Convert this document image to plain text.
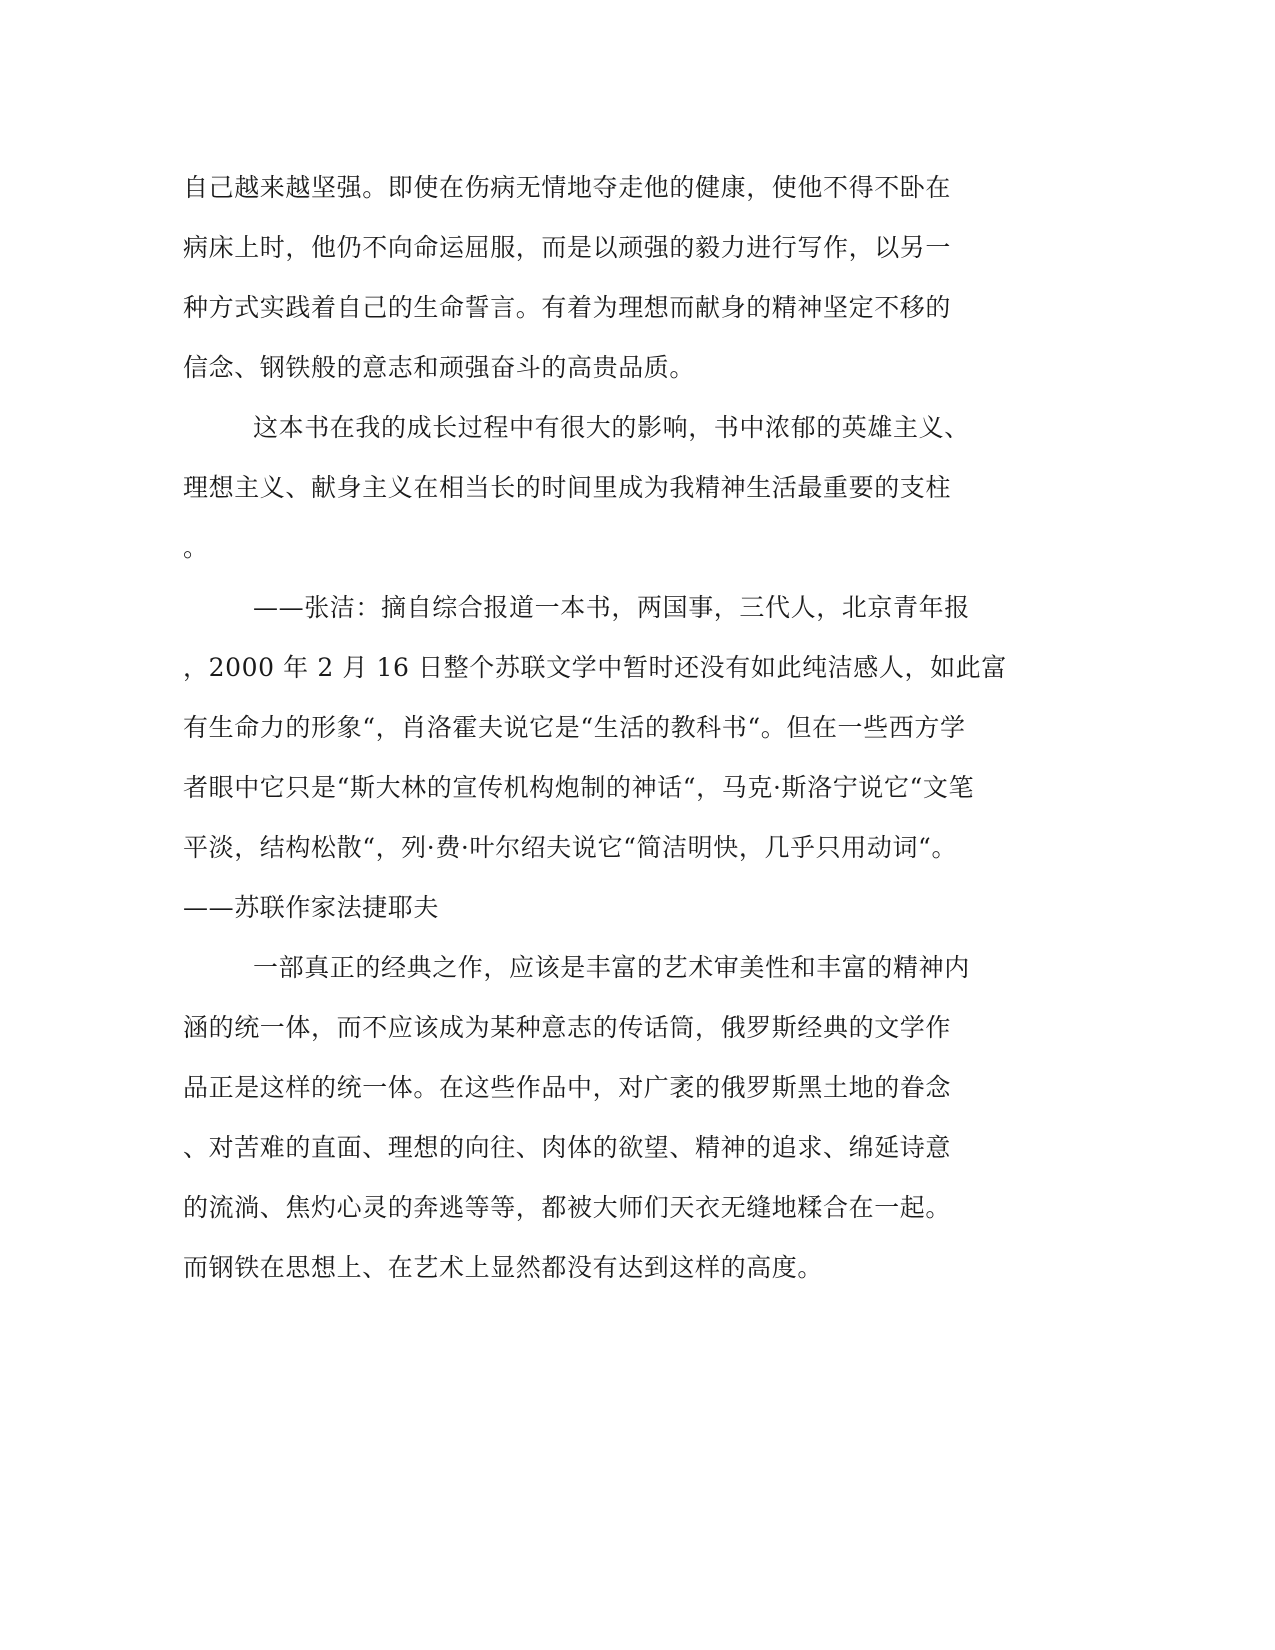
自己越来越坚强。即使在伤病无情地夺走他的健康，使他不得不卧在
病床上时，他仍不向命运屈服，而是以顽强的毅力进行写作，以另一
种方式实践着自己的生命誓言。有着为理想而献身的精神坚定不移的
信念、钢铁般的意志和顽强奋斗的高贵品质。
这本书在我的成长过程中有很大的影响，书中浓郁的英雄主义、
理想主义、献身主义在相当长的时间里成为我精神生活最重要的支柱
。
——张洁：摘自综合报道一本书，两国事，三代人，北京青年报
，2000 年 2 月 16 日整个苏联文学中暂时还没有如此纯洁感人，如此富
有生命力的形象“，肖洛霍夫说它是“生活的教科书“。但在一些西方学
者眼中它只是“斯大林的宣传机构炮制的神话“，马克·斯洛宁说它“文笔
平淡，结构松散“，列·费·叶尔绍夫说它“简洁明快，几乎只用动词“。
——苏联作家法捷耶夫
一部真正的经典之作，应该是丰富的艺术审美性和丰富的精神内
涵的统一体，而不应该成为某种意志的传话筒，俄罗斯经典的文学作
品正是这样的统一体。在这些作品中，对广袤的俄罗斯黑土地的眷念
、对苦难的直面、理想的向往、肉体的欲望、精神的追求、绵延诗意
的流淌、焦灼心灵的奔逃等等，都被大师们天衣无缝地糅合在一起。
而钢铁在思想上、在艺术上显然都没有达到这样的高度。
